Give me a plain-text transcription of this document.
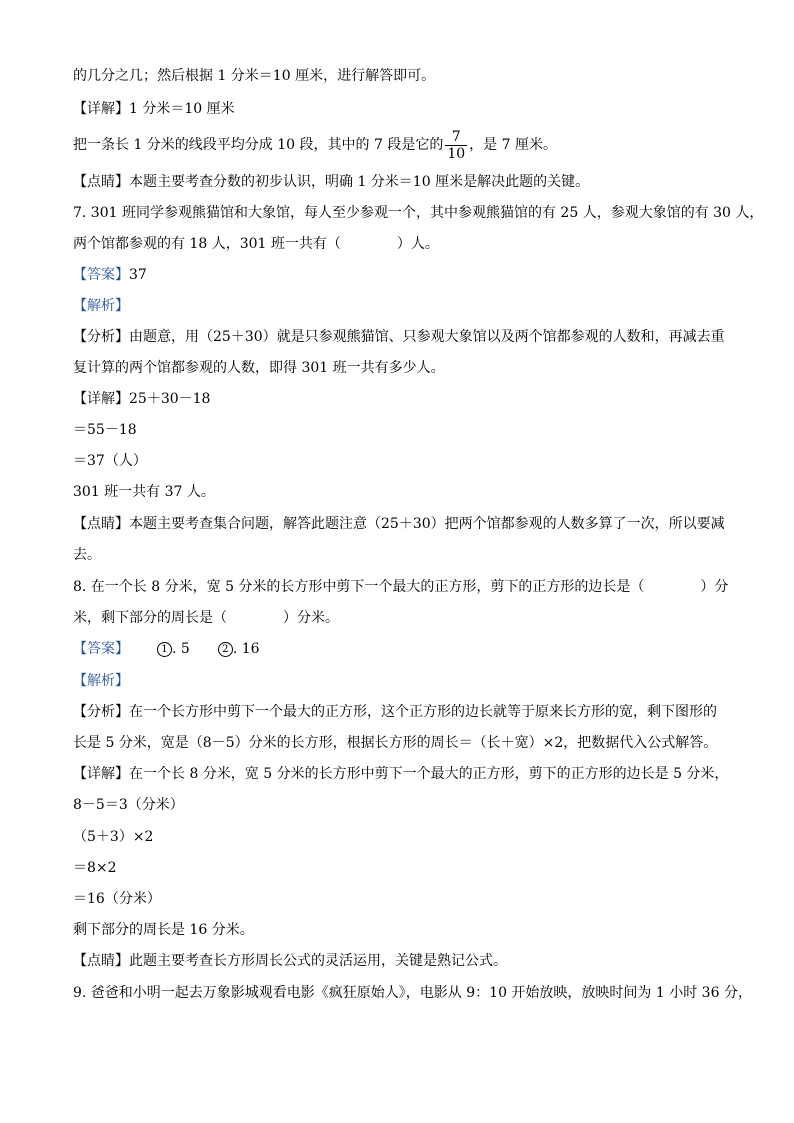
的几分之几；然后根据 1 分米＝10 厘米，进行解答即可。
【详解】1 分米＝10 厘米
把一条长 1 分米的线段平均分成 10 段，其中的 7 段是它的 $\frac{7}{10}$ ，是 7 厘米。
【点睛】本题主要考查分数的初步认识，明确 1 分米＝10 厘米是解决此题的关键。
7. 301 班同学参观熊猫馆和大象馆，每人至少参观一个，其中参观熊猫馆的有 25 人，参观大象馆的有 30 人，
两个馆都参观的有 18 人，301 班一共有（　　　　）人。
【答案】37
【解析】
【分析】由题意，用（25＋30）就是只参观熊猫馆、只参观大象馆以及两个馆都参观的人数和，再减去重
复计算的两个馆都参观的人数，即得 301 班一共有多少人。
【详解】25＋30－18
＝55－18
＝37（人）
301 班一共有 37 人。
【点睛】本题主要考查集合问题，解答此题注意（25＋30）把两个馆都参观的人数多算了一次，所以要减
去。
8. 在一个长 8 分米，宽 5 分米的长方形中剪下一个最大的正方形，剪下的正方形的边长是（　　　　）分
米，剩下部分的周长是（　　　　）分米。
【答案】	1 . 5	2 . 16
【解析】
【分析】在一个长方形中剪下一个最大的正方形，这个正方形的边长就等于原来长方形的宽，剩下图形的
长是 5 分米，宽是（8－5）分米的长方形，根据长方形的周长＝（长＋宽）×2，把数据代入公式解答。
【详解】在一个长 8 分米，宽 5 分米的长方形中剪下一个最大的正方形，剪下的正方形的边长是 5 分米，
8－5＝3（分米）
（5＋3）×2
＝8×2
＝16（分米）
剩下部分的周长是 16 分米。
【点睛】此题主要考查长方形周长公式的灵活运用，关键是熟记公式。
9. 爸爸和小明一起去万象影城观看电影《疯狂原始人》，电影从 9：10 开始放映，放映时间为 1 小时 36 分，
